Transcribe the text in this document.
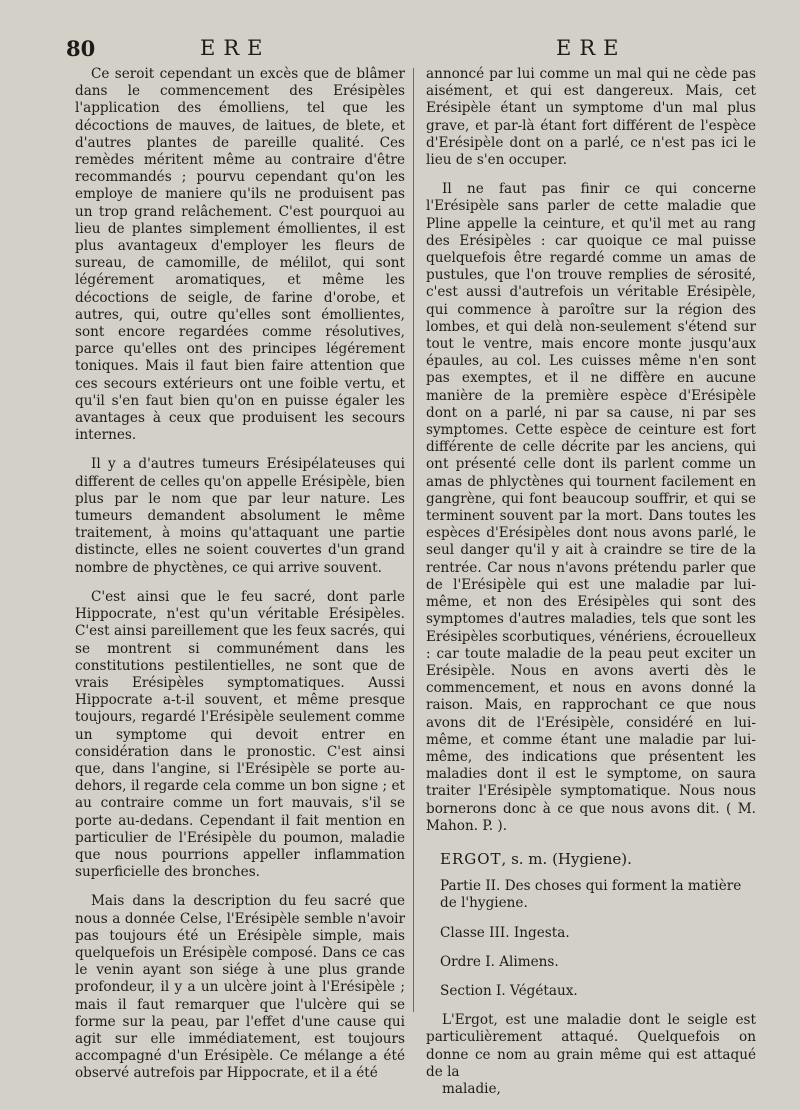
80	ERE	ERE

Ce seroit cependant un excès que de blâmer dans le commencement des Erésipèles l'application des émolliens, tel que les décoctions de mauves, de laitues, de blete, et d'autres plantes de pareille qualité. Ces remèdes méritent même au contraire d'être recommandés ; pourvu cependant qu'on les employe de maniere qu'ils ne produisent pas un trop grand relâchement. C'est pourquoi au lieu de plantes simplement émollientes, il est plus avantageux d'employer les fleurs de sureau, de camomille, de mélilot, qui sont légérement aromatiques, et même les décoctions de seigle, de farine d'orobe, et autres, qui, outre qu'elles sont émollientes, sont encore regardées comme résolutives, parce qu'elles ont des principes légérement toniques. Mais il faut bien faire attention que ces secours extérieurs ont une foible vertu, et qu'il s'en faut bien qu'on en puisse égaler les avantages à ceux que produisent les secours internes.

Il y a d'autres tumeurs Erésipélateuses qui different de celles qu'on appelle Erésipèle, bien plus par le nom que par leur nature. Les tumeurs demandent absolument le même traitement, à moins qu'attaquant une partie distincte, elles ne soient couvertes d'un grand nombre de phyctènes, ce qui arrive souvent.

C'est ainsi que le feu sacré, dont parle Hippocrate, n'est qu'un véritable Erésipèles. C'est ainsi pareillement que les feux sacrés, qui se montrent si communément dans les constitutions pestilentielles, ne sont que de vrais Erésipèles symptomatiques. Aussi Hippocrate a-t-il souvent, et même presque toujours, regardé l'Erésipèle seulement comme un symptome qui devoit entrer en considération dans le pronostic. C'est ainsi que, dans l'angine, si l'Erésipèle se porte au-dehors, il regarde cela comme un bon signe ; et au contraire comme un fort mauvais, s'il se porte au-dedans. Cependant il fait mention en particulier de l'Erésipèle du poumon, maladie que nous pourrions appeller inflammation superficielle des bronches.

Mais dans la description du feu sacré que nous a donnée Celse, l'Erésipèle semble n'avoir pas toujours été un Erésipèle simple, mais quelquefois un Erésipèle composé. Dans ce cas le venin ayant son siége à une plus grande profondeur, il y a un ulcère joint à l'Erésipèle ; mais il faut remarquer que l'ulcère qui se forme sur la peau, par l'effet d'une cause qui agit sur elle immédiatement, est toujours accompagné d'un Erésipèle. Ce mélange a été observé autrefois par Hippocrate, et il a été

annoncé par lui comme un mal qui ne cède pas aisément, et qui est dangereux. Mais, cet Erésipèle étant un symptome d'un mal plus grave, et par-là étant fort différent de l'espèce d'Erésipèle dont on a parlé, ce n'est pas ici le lieu de s'en occuper.

Il ne faut pas finir ce qui concerne l'Erésipèle sans parler de cette maladie que Pline appelle la ceinture, et qu'il met au rang des Erésipèles : car quoique ce mal puisse quelquefois être regardé comme un amas de pustules, que l'on trouve remplies de sérosité, c'est aussi d'autrefois un véritable Erésipèle, qui commence à paroître sur la région des lombes, et qui delà non-seulement s'étend sur tout le ventre, mais encore monte jusqu'aux épaules, au col. Les cuisses même n'en sont pas exemptes, et il ne diffère en aucune manière de la première espèce d'Erésipèle dont on a parlé, ni par sa cause, ni par ses symptomes. Cette espèce de ceinture est fort différente de celle décrite par les anciens, qui ont présenté celle dont ils parlent comme un amas de phlyctènes qui tournent facilement en gangrène, qui font beaucoup souffrir, et qui se terminent souvent par la mort. Dans toutes les espèces d'Erésipèles dont nous avons parlé, le seul danger qu'il y ait à craindre se tire de la rentrée. Car nous n'avons prétendu parler que de l'Erésipèle qui est une maladie par lui-même, et non des Erésipèles qui sont des symptomes d'autres maladies, tels que sont les Erésipèles scorbutiques, vénériens, écrouelleux : car toute maladie de la peau peut exciter un Erésipèle. Nous en avons averti dès le commencement, et nous en avons donné la raison. Mais, en rapprochant ce que nous avons dit de l'Erésipèle, considéré en lui-même, et comme étant une maladie par lui-même, des indications que présentent les maladies dont il est le symptome, on saura traiter l'Erésipèle symptomatique. Nous nous bornerons donc à ce que nous avons dit. ( M. Mahon. P. ).

ERGOT, s. m. (Hygiene).
Partie II. Des choses qui forment la matière de l'hygiene.
Classe III. Ingesta.
Ordre I. Alimens.
Section I. Végétaux.

L'Ergot, est une maladie dont le seigle est particulièrement attaqué. Quelquefois on donne ce nom au grain même qui est attaqué de la

maladie,
